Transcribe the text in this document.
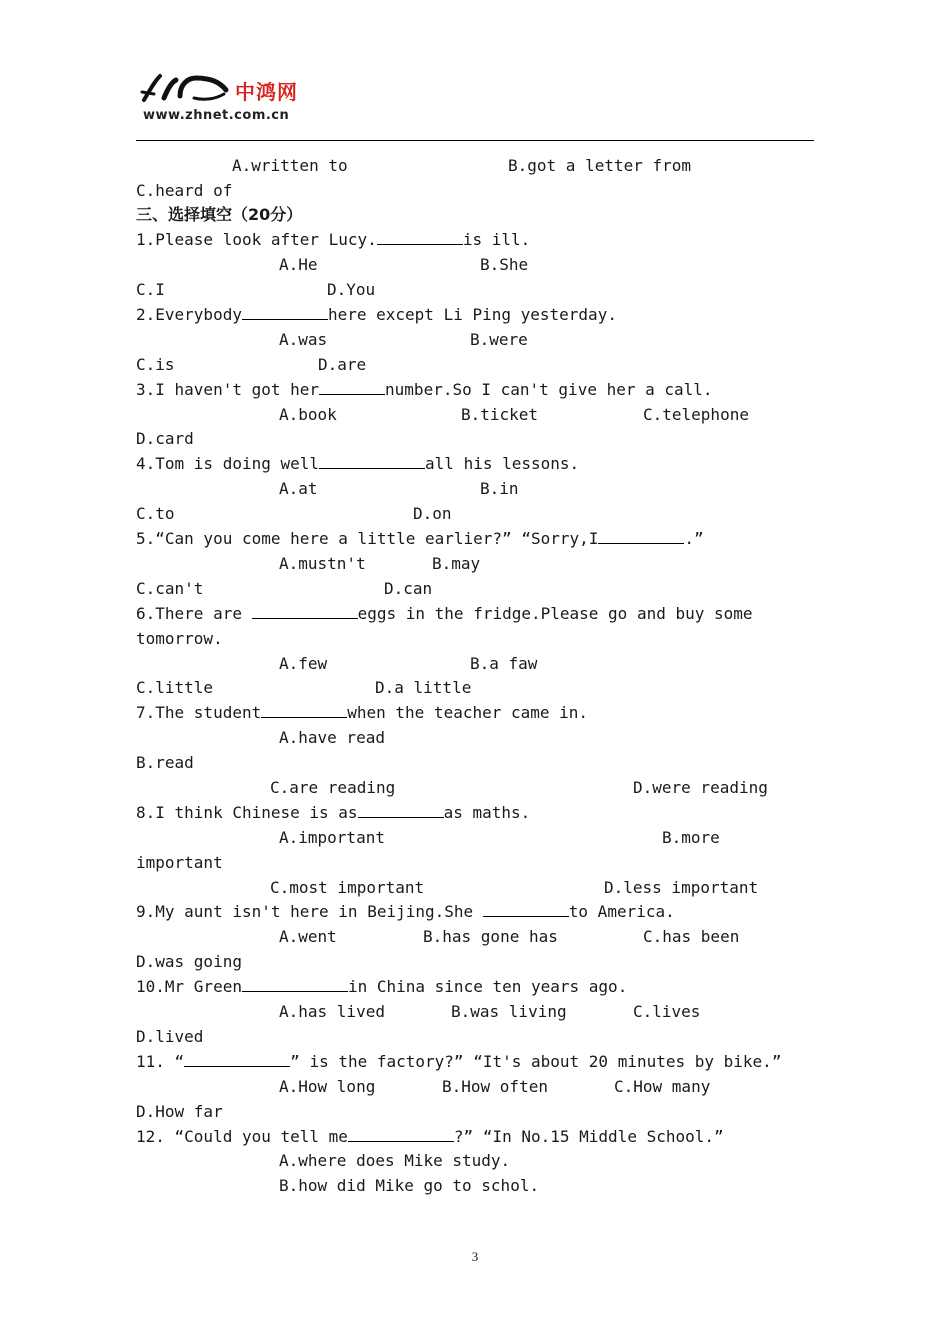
中鸿网
www.zhnet.com.cn
A.written to	B.got a letter from
C.heard of
三、选择填空（20分）
1.Please look after Lucy.	is ill.
A.He	B.She
C.I	D.You
2.Everybody	here except Li Ping yesterday.
A.was	B.were
C.is	D.are
3.I haven't got her	number.So I can't give her a call.
A.book	B.ticket	C.telephone
D.card
4.Tom is doing well	all his lessons.
A.at	B.in
C.to	D.on
5.“Can you come here a little earlier?” “Sorry,I	.”
A.mustn't	B.may
C.can't	D.can
6.There are	eggs in the fridge.Please go and buy some
tomorrow.
A.few	B.a faw
C.little	D.a little
7.The student	when the teacher came in.
A.have read
B.read
C.are reading	D.were reading
8.I think Chinese is as	as maths.
A.important	B.more
important
C.most important	D.less important
9.My aunt isn't here in Beijing.She	to America.
A.went	B.has gone has	C.has been
D.was going
10.Mr Green	in China since ten years ago.
A.has lived	B.was living	C.lives
D.lived
11. “	” is the factory?” “It's about 20 minutes by bike.”
A.How long	B.How often	C.How many
D.How far
12. “Could you tell me	?” “In No.15 Middle School.”
A.where does Mike study.
B.how did Mike go to schol.
3
